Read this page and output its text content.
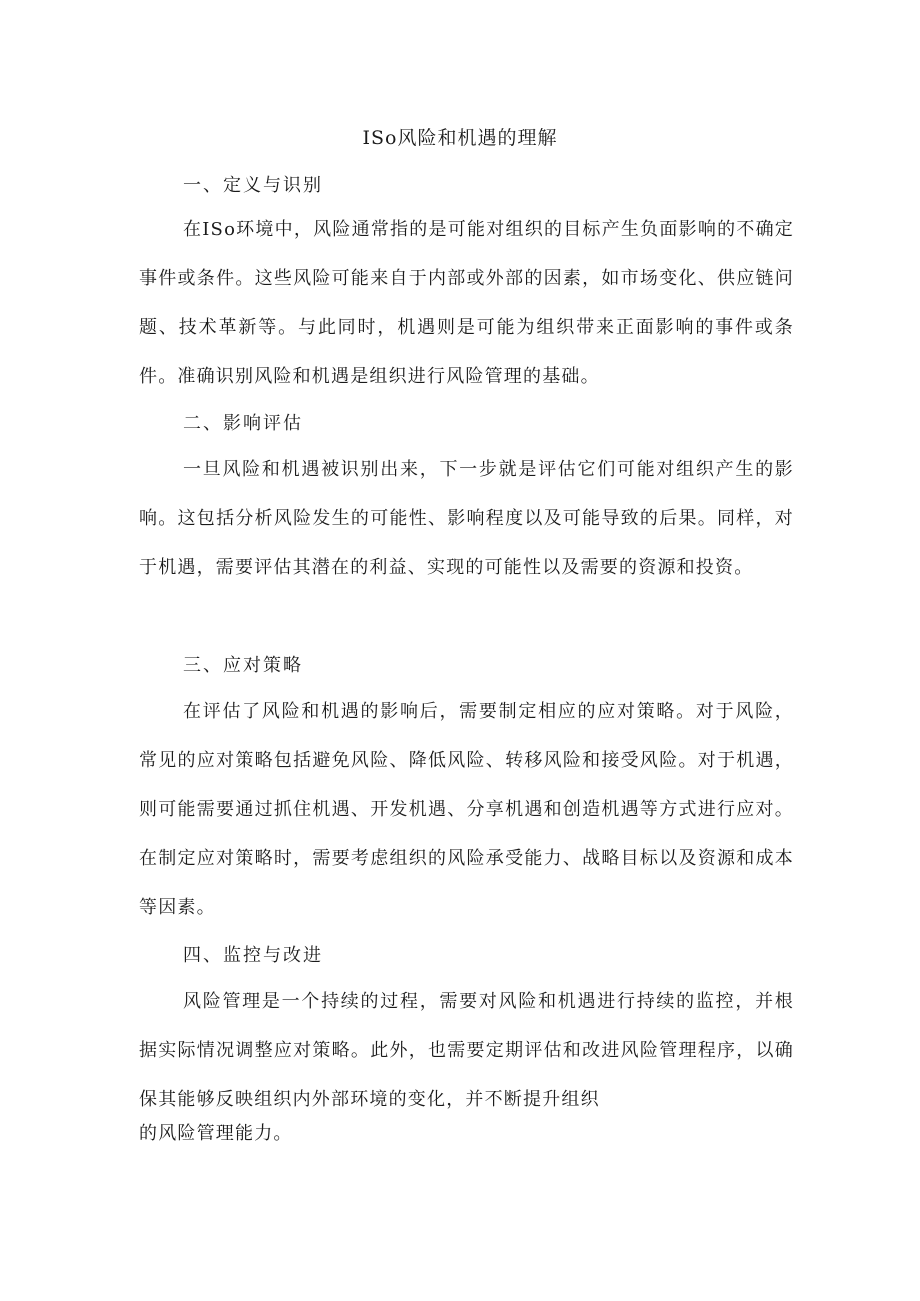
ISo风险和机遇的理解
一、定义与识别

在ISo环境中，风险通常指的是可能对组织的目标产生负面影响的不确定事件或条件。这些风险可能来自于内部或外部的因素，如市场变化、供应链问题、技术革新等。与此同时，机遇则是可能为组织带来正面影响的事件或条件。准确识别风险和机遇是组织进行风险管理的基础。

二、影响评估

一旦风险和机遇被识别出来，下一步就是评估它们可能对组织产生的影响。这包括分析风险发生的可能性、影响程度以及可能导致的后果。同样，对于机遇，需要评估其潜在的利益、实现的可能性以及需要的资源和投资。

三、应对策略

在评估了风险和机遇的影响后，需要制定相应的应对策略。对于风险，常见的应对策略包括避免风险、降低风险、转移风险和接受风险。对于机遇，则可能需要通过抓住机遇、开发机遇、分享机遇和创造机遇等方式进行应对。在制定应对策略时，需要考虑组织的风险承受能力、战略目标以及资源和成本等因素。

四、监控与改进

风险管理是一个持续的过程，需要对风险和机遇进行持续的监控，并根据实际情况调整应对策略。此外，也需要定期评估和改进风险管理程序，以确保其能够反映组织内外部环境的变化，并不断提升组织

的风险管理能力。
